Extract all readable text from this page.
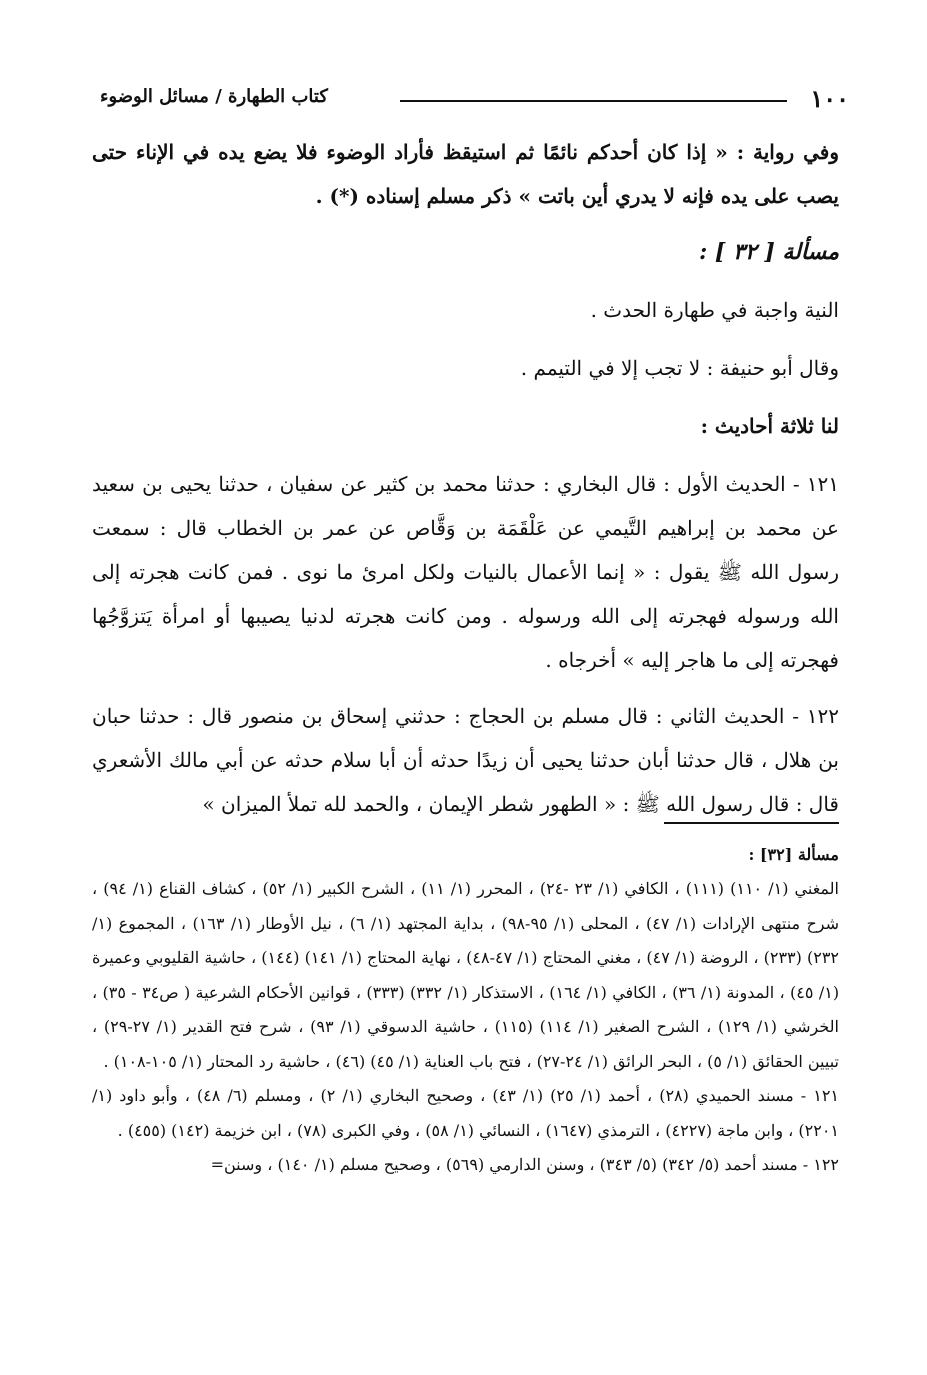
١٠٠
كتاب الطهارة / مسائل الوضوء

وفي رواية : « إذا كان أحدكم نائمًا ثم استيقظ فأراد الوضوء فلا يضع يده في الإناء حتى يصب على يده فإنه لا يدري أين باتت » ذكر مسلم إسناده (*) .

مسألة [ ٣٢ ] :

النية واجبة في طهارة الحدث .

وقال أبو حنيفة : لا تجب إلا في التيمم .

لنا ثلاثة أحاديث :

١٢١ - الحديث الأول : قال البخاري : حدثنا محمد بن كثير عن سفيان ، حدثنا يحيى بن سعيد عن محمد بن إبراهيم التَّيمي عن عَلْقَمَة بن وَقَّاص عن عمر بن الخطاب قال : سمعت رسول الله ﷺ يقول : « إنما الأعمال بالنيات ولكل امرئ ما نوى . فمن كانت هجرته إلى الله ورسوله فهجرته إلى الله ورسوله . ومن كانت هجرته لدنيا يصيبها أو امرأة يَتزوَّجُها فهجرته إلى ما هاجر إليه » أخرجاه .

١٢٢ - الحديث الثاني : قال مسلم بن الحجاج : حدثني إسحاق بن منصور قال : حدثنا حبان بن هلال ، قال حدثنا أبان حدثنا يحيى أن زيدًا حدثه أن أبا سلام حدثه عن أبي مالك الأشعري قال : قال رسول الله ﷺ : « الطهور شطر الإيمان ، والحمد لله تملأ الميزان »

مسألة [٣٢] :

المغني (١/ ١١٠) (١١١) ، الكافي (١/ ٢٣ -٢٤) ، المحرر (١/ ١١) ، الشرح الكبير (١/ ٥٢) ، كشاف القناع (١/ ٩٤) ، شرح منتهى الإرادات (١/ ٤٧) ، المحلى (١/ ٩٥-٩٨) ، بداية المجتهد (١/ ٦) ، نيل الأوطار (١/ ١٦٣) ، المجموع (١/ ٢٣٢) (٢٣٣) ، الروضة (١/ ٤٧) ، مغني المحتاج (١/ ٤٧-٤٨) ، نهاية المحتاج (١/ ١٤١) (١٤٤) ، حاشية القليوبي وعميرة (١/ ٤٥) ، المدونة (١/ ٣٦) ، الكافي (١/ ١٦٤) ، الاستذكار (١/ ٣٣٢) (٣٣٣) ، قوانين الأحكام الشرعية ( ص٣٤ - ٣٥) ، الخرشي (١/ ١٢٩) ، الشرح الصغير (١/ ١١٤) (١١٥) ، حاشية الدسوقي (١/ ٩٣) ، شرح فتح القدير (١/ ٢٧-٢٩) ، تبيين الحقائق (١/ ٥) ، البحر الرائق (١/ ٢٤-٢٧) ، فتح باب العناية (١/ ٤٥) (٤٦) ، حاشية رد المحتار (١/ ١٠٥-١٠٨) .

١٢١ - مسند الحميدي (٢٨) ، أحمد (١/ ٢٥) (١/ ٤٣) ، وصحيح البخاري (١/ ٢) ، ومسلم (٦/ ٤٨) ، وأبو داود (١/ ٢٢٠١) ، وابن ماجة (٤٢٢٧) ، الترمذي (١٦٤٧) ، النسائي (١/ ٥٨) ، وفي الكبرى (٧٨) ، ابن خزيمة (١٤٢) (٤٥٥) .

١٢٢ - مسند أحمد (٥/ ٣٤٢) (٥/ ٣٤٣) ، وسنن الدارمي (٥٦٩) ، وصحيح مسلم (١/ ١٤٠) ، وسنن=
